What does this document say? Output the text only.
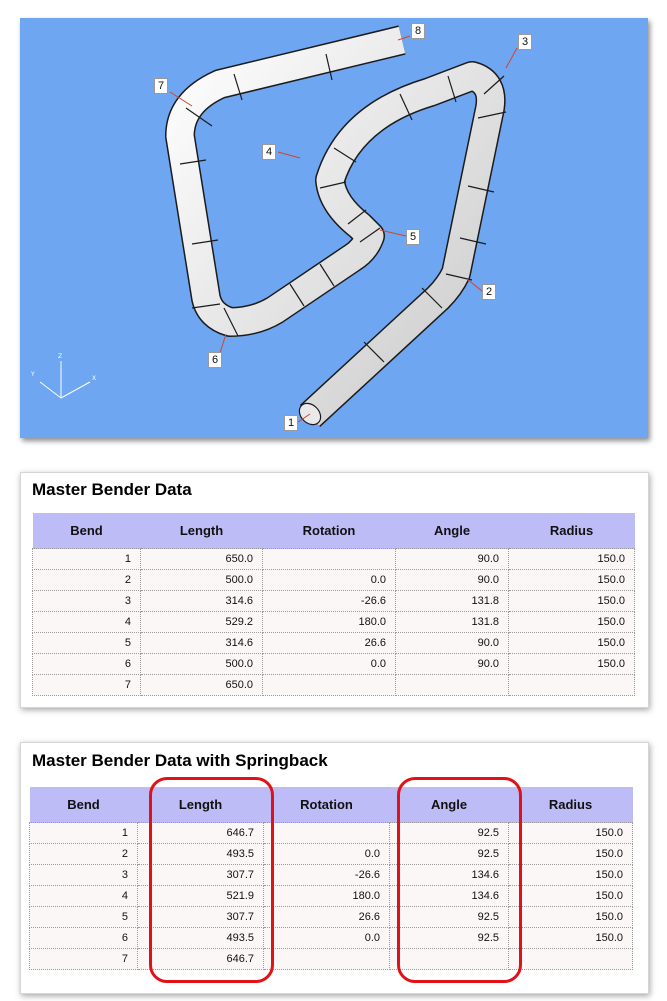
Z
Y
X
1
2
3
4
5
6
7
8
Master Bender Data
Bend	Length	Rotation	Angle	Radius
1	650.0		90.0	150.0
2	500.0	0.0	90.0	150.0
3	314.6	-26.6	131.8	150.0
4	529.2	180.0	131.8	150.0
5	314.6	26.6	90.0	150.0
6	500.0	0.0	90.0	150.0
7	650.0			
Master Bender Data with Springback
Bend	Length	Rotation	Angle	Radius
1	646.7		92.5	150.0
2	493.5	0.0	92.5	150.0
3	307.7	-26.6	134.6	150.0
4	521.9	180.0	134.6	150.0
5	307.7	26.6	92.5	150.0
6	493.5	0.0	92.5	150.0
7	646.7			
